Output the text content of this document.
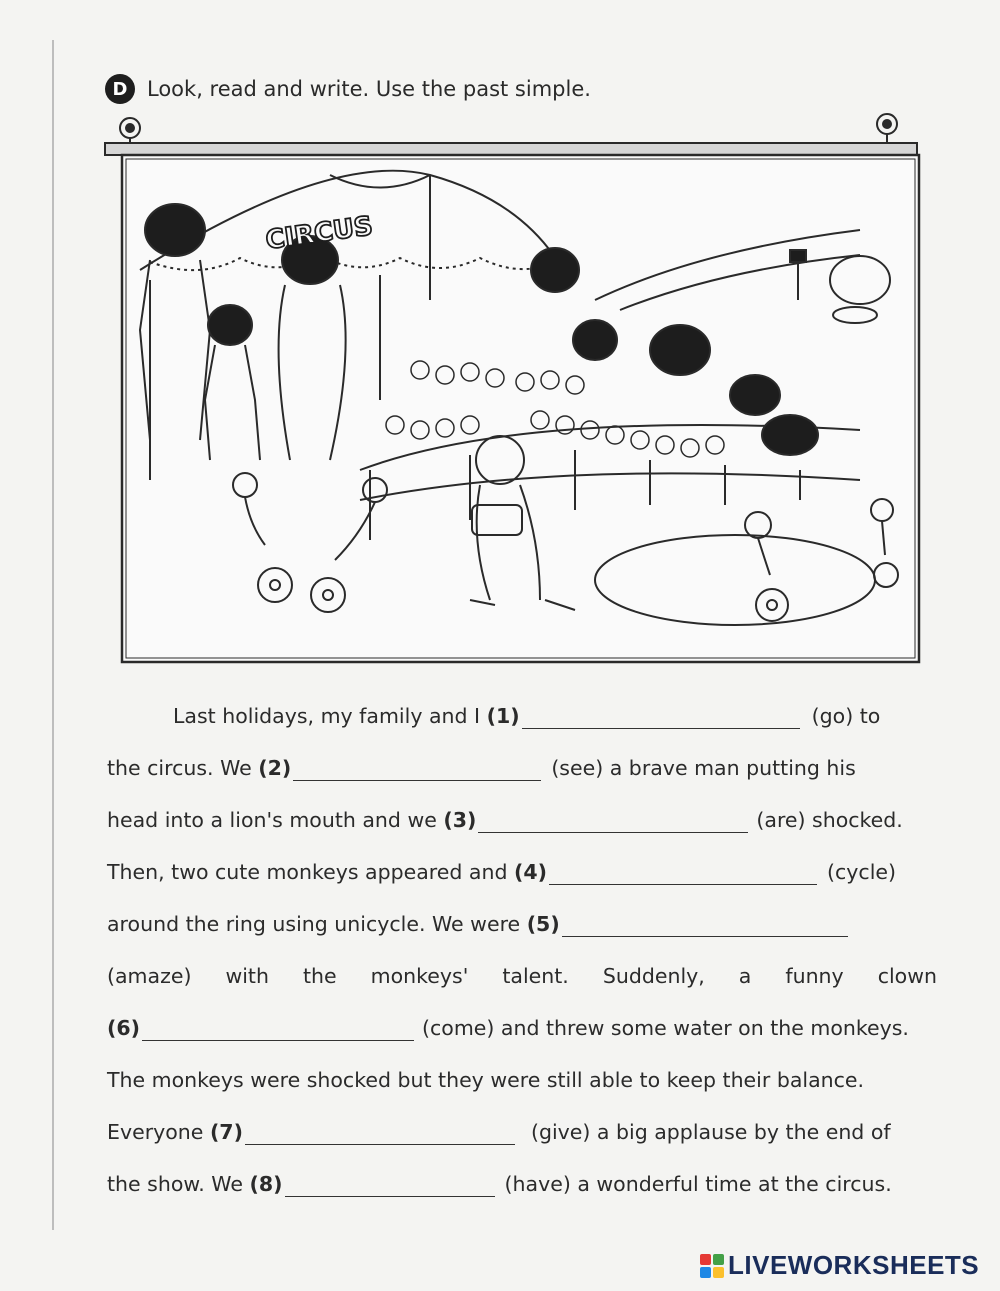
D Look, read and write. Use the past simple.
CIRCUS
Last holidays, my family and I
(1)	(go) to
the circus. We
(2)	(see) a brave man putting his
head into a lion's mouth and we
(3)	(are) shocked.
Then, two cute monkeys appeared and
(4)	(cycle)
around the ring using unicycle. We were
(5)
(amaze) with the monkeys' talent. Suddenly, a funny clown
(6)	(come) and threw some water on the monkeys.
The monkeys were shocked but they were still able to keep their balance.
Everyone
(7)	(give) a big applause by the end of
the show. We
(8)	(have) a wonderful time at the circus.
LIVEWORKSHEETS
